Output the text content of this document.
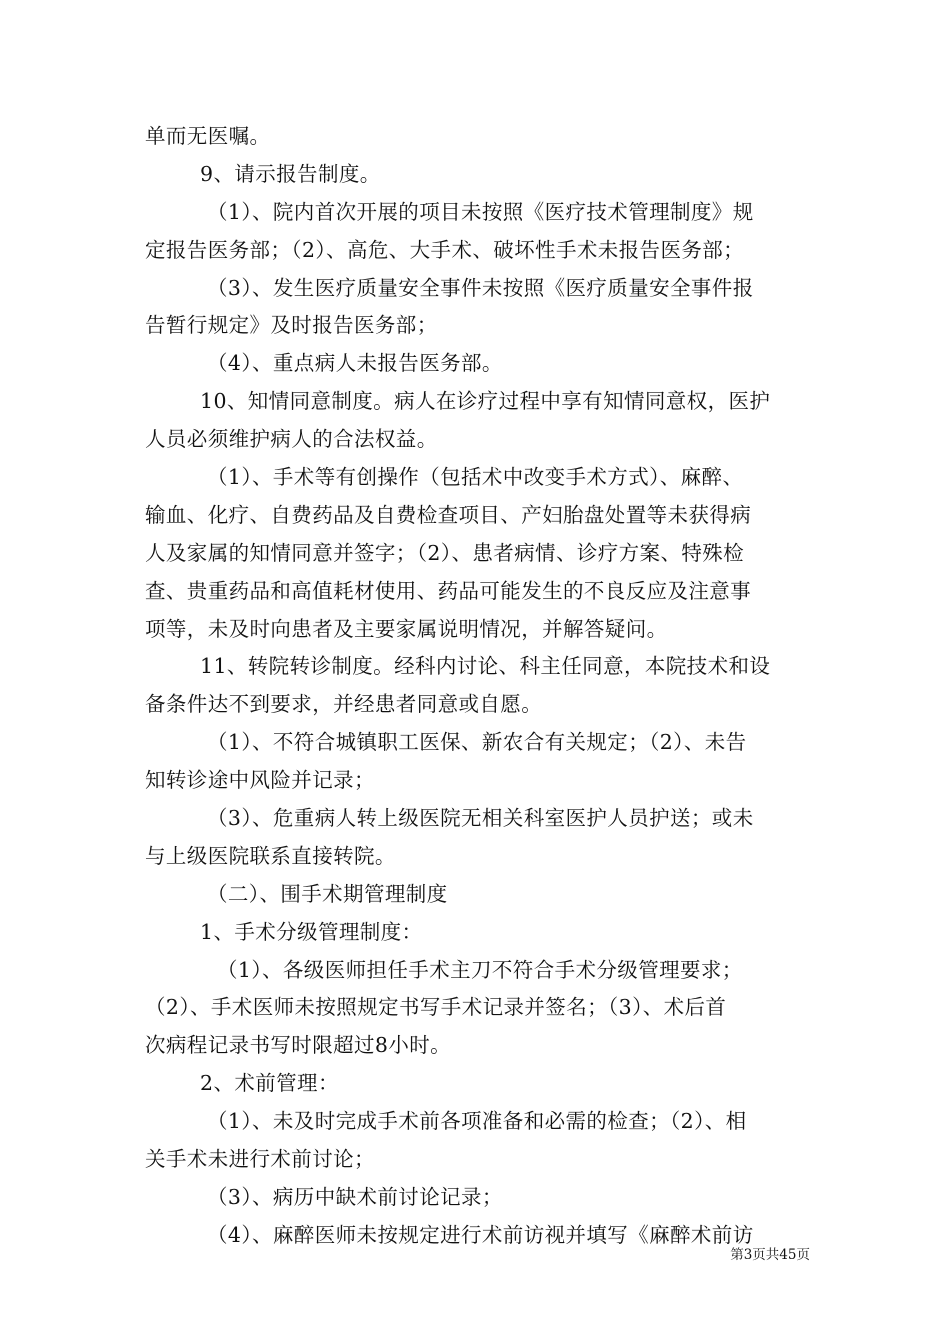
单而无医嘱。
9、请示报告制度。
（1）、院内首次开展的项目未按照《医疗技术管理制度》规
定报告医务部；（2）、高危、大手术、破坏性手术未报告医务部；
（3）、发生医疗质量安全事件未按照《医疗质量安全事件报
告暂行规定》及时报告医务部；
（4）、重点病人未报告医务部。
10、知情同意制度。病人在诊疗过程中享有知情同意权，医护
人员必须维护病人的合法权益。
（1）、手术等有创操作（包括术中改变手术方式）、麻醉、
输血、化疗、自费药品及自费检查项目、产妇胎盘处置等未获得病
人及家属的知情同意并签字；（2）、患者病情、诊疗方案、特殊检
查、贵重药品和高值耗材使用、药品可能发生的不良反应及注意事
项等，未及时向患者及主要家属说明情况，并解答疑问。
11、转院转诊制度。经科内讨论、科主任同意，本院技术和设
备条件达不到要求，并经患者同意或自愿。
（1）、不符合城镇职工医保、新农合有关规定；（2）、未告
知转诊途中风险并记录；
（3）、危重病人转上级医院无相关科室医护人员护送；或未
与上级医院联系直接转院。
（二）、围手术期管理制度
1、手术分级管理制度：
（1）、各级医师担任手术主刀不符合手术分级管理要求；
（2）、手术医师未按照规定书写手术记录并签名；（3）、术后首
次病程记录书写时限超过8小时。
2、术前管理：
（1）、未及时完成手术前各项准备和必需的检查；（2）、相
关手术未进行术前讨论；
（3）、病历中缺术前讨论记录；
（4）、麻醉医师未按规定进行术前访视并填写《麻醉术前访
第3页共45页
